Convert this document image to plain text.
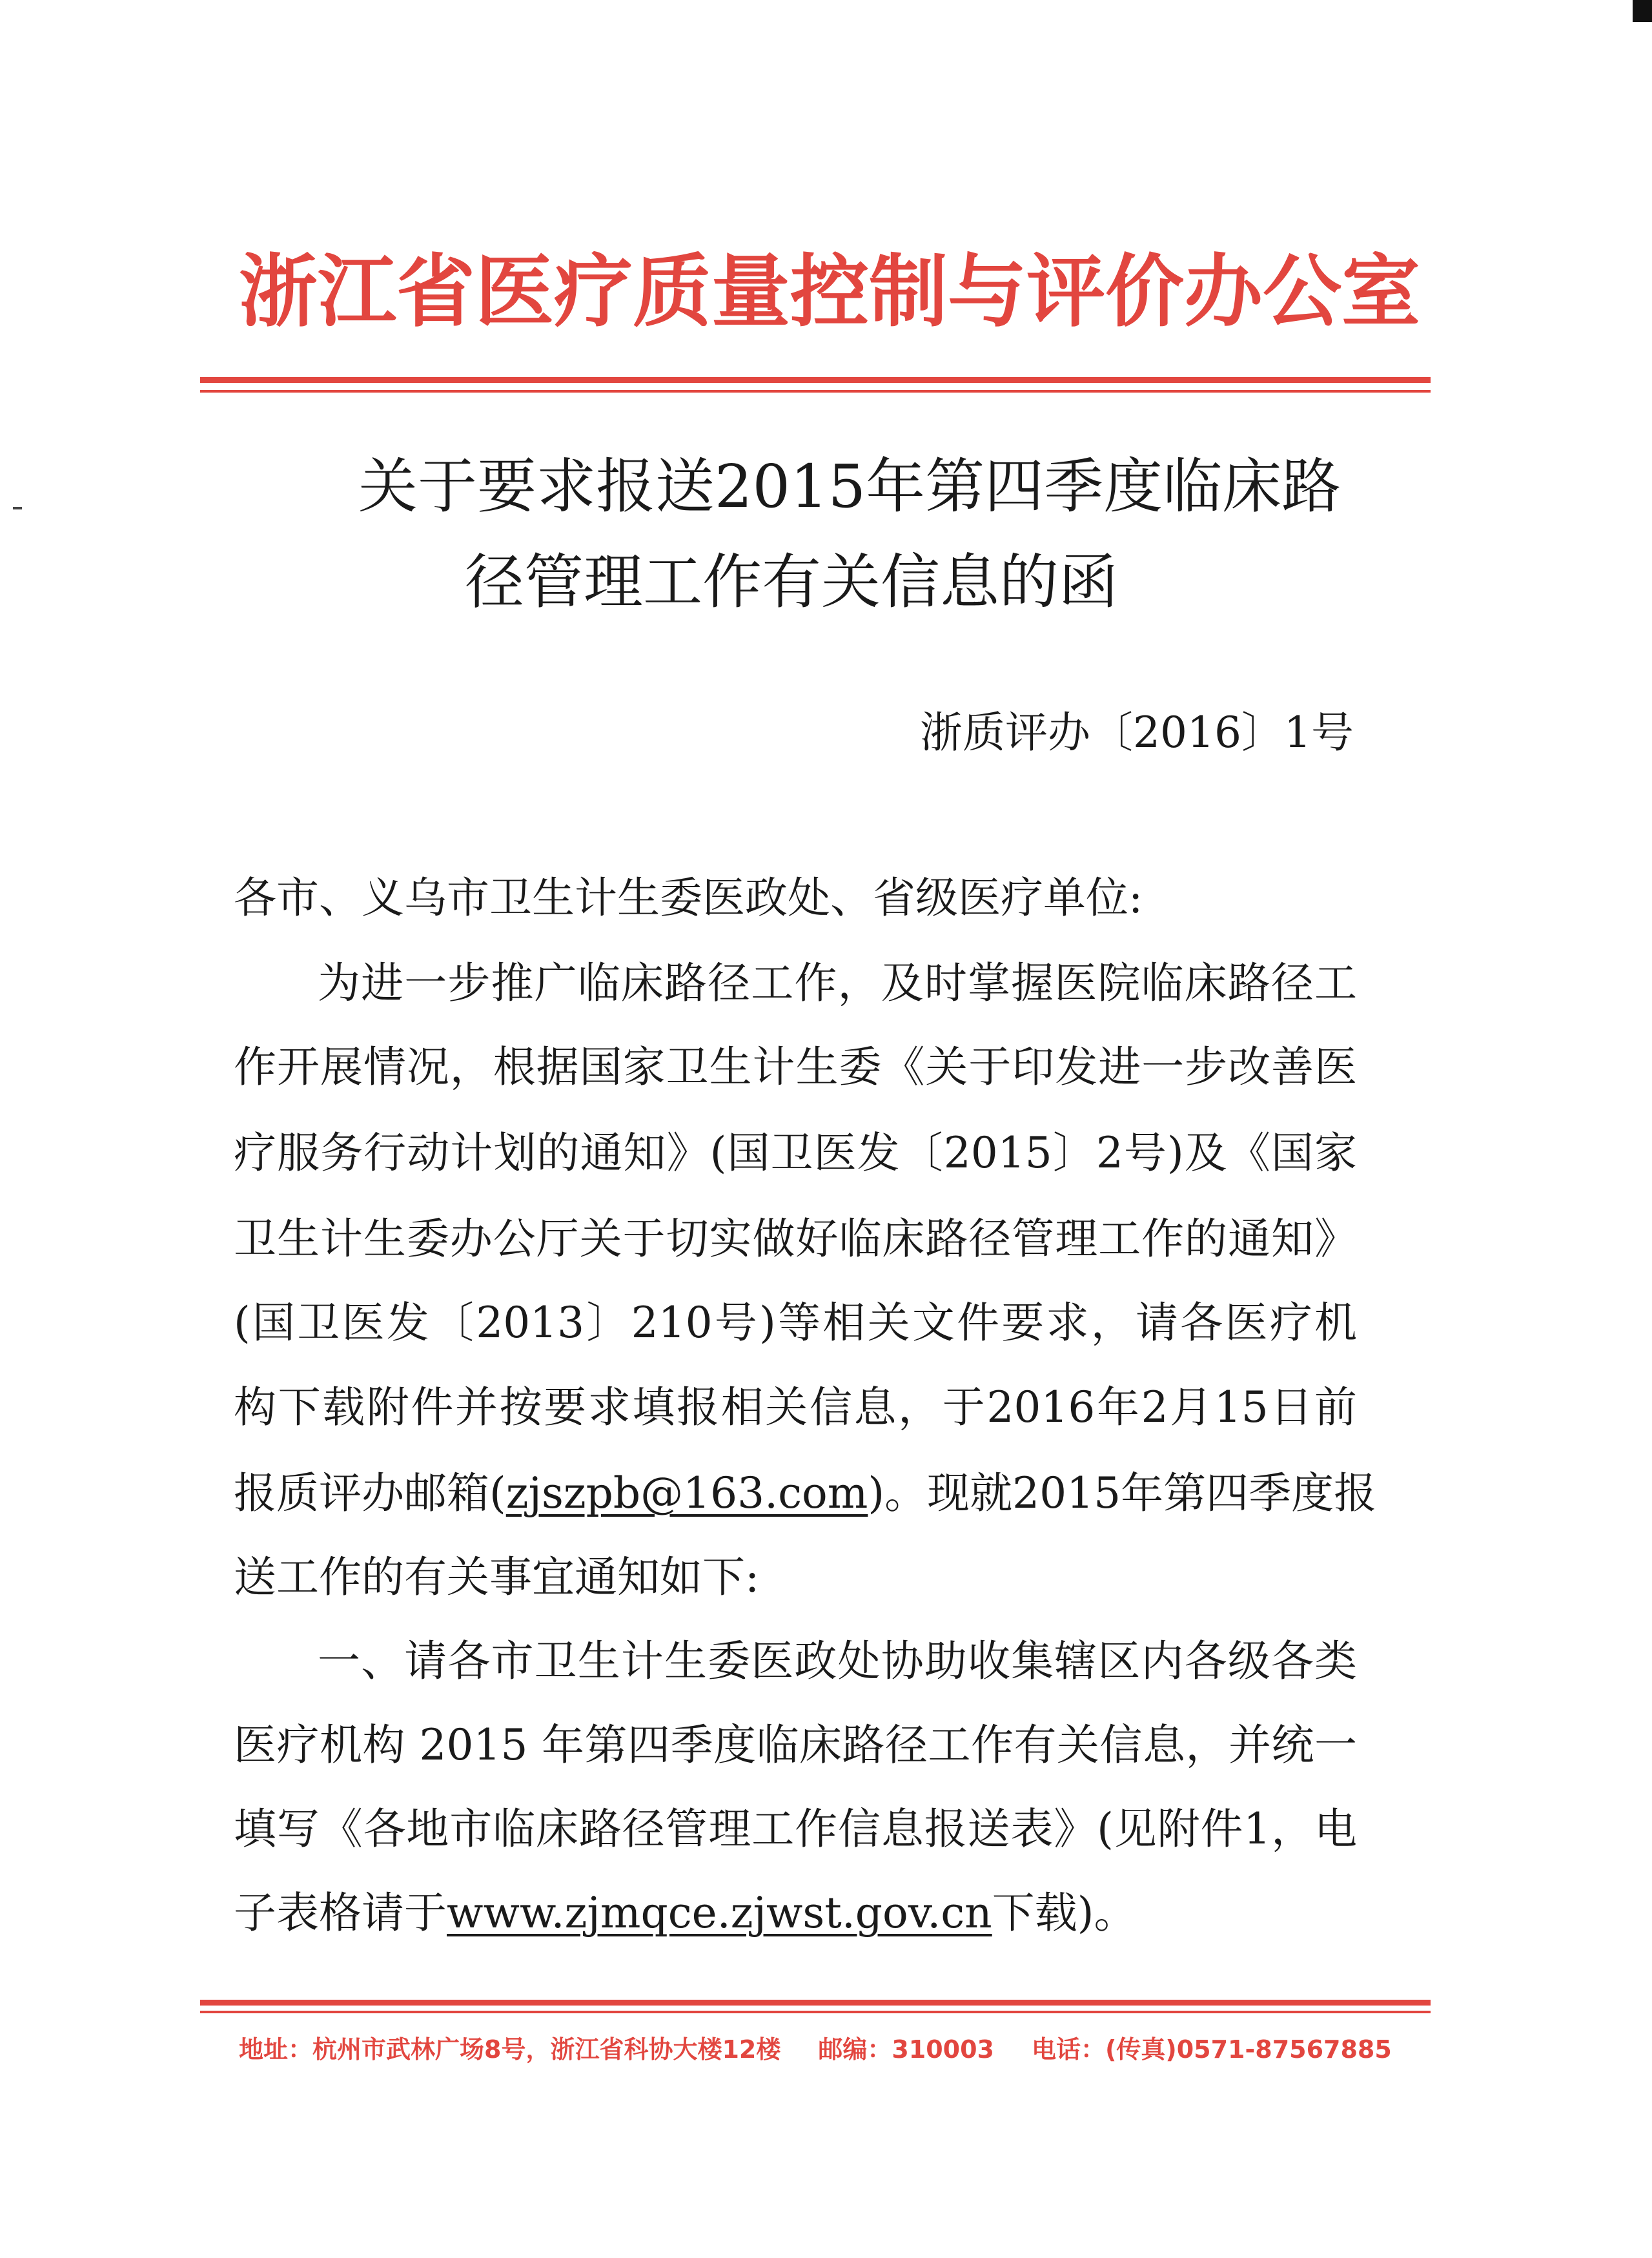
浙江省医疗质量控制与评价办公室
关于要求报送2015年第四季度临床路
径管理工作有关信息的函
浙质评办〔2016〕1号
各市、义乌市卫生计生委医政处、省级医疗单位:
为进一步推广临床路径工作，及时掌握医院临床路径工
作开展情况，根据国家卫生计生委《关于印发进一步改善医
疗服务行动计划的通知》(国卫医发〔2015〕2号)及《国家
卫生计生委办公厅关于切实做好临床路径管理工作的通知》
(国卫医发〔2013〕210号)等相关文件要求，请各医疗机
构下载附件并按要求填报相关信息，于2016年2月15日前
报质评办邮箱(zjszpb@163.com)。现就2015年第四季度报
送工作的有关事宜通知如下:
一、请各市卫生计生委医政处协助收集辖区内各级各类
医疗机构 2015 年第四季度临床路径工作有关信息，并统一
填写《各地市临床路径管理工作信息报送表》(见附件1，电
子表格请于www.zjmqce.zjwst.gov.cn下载)。
地址：杭州市武林广场8号，浙江省科协大楼12楼 邮编：310003 电话：(传真)0571-87567885
